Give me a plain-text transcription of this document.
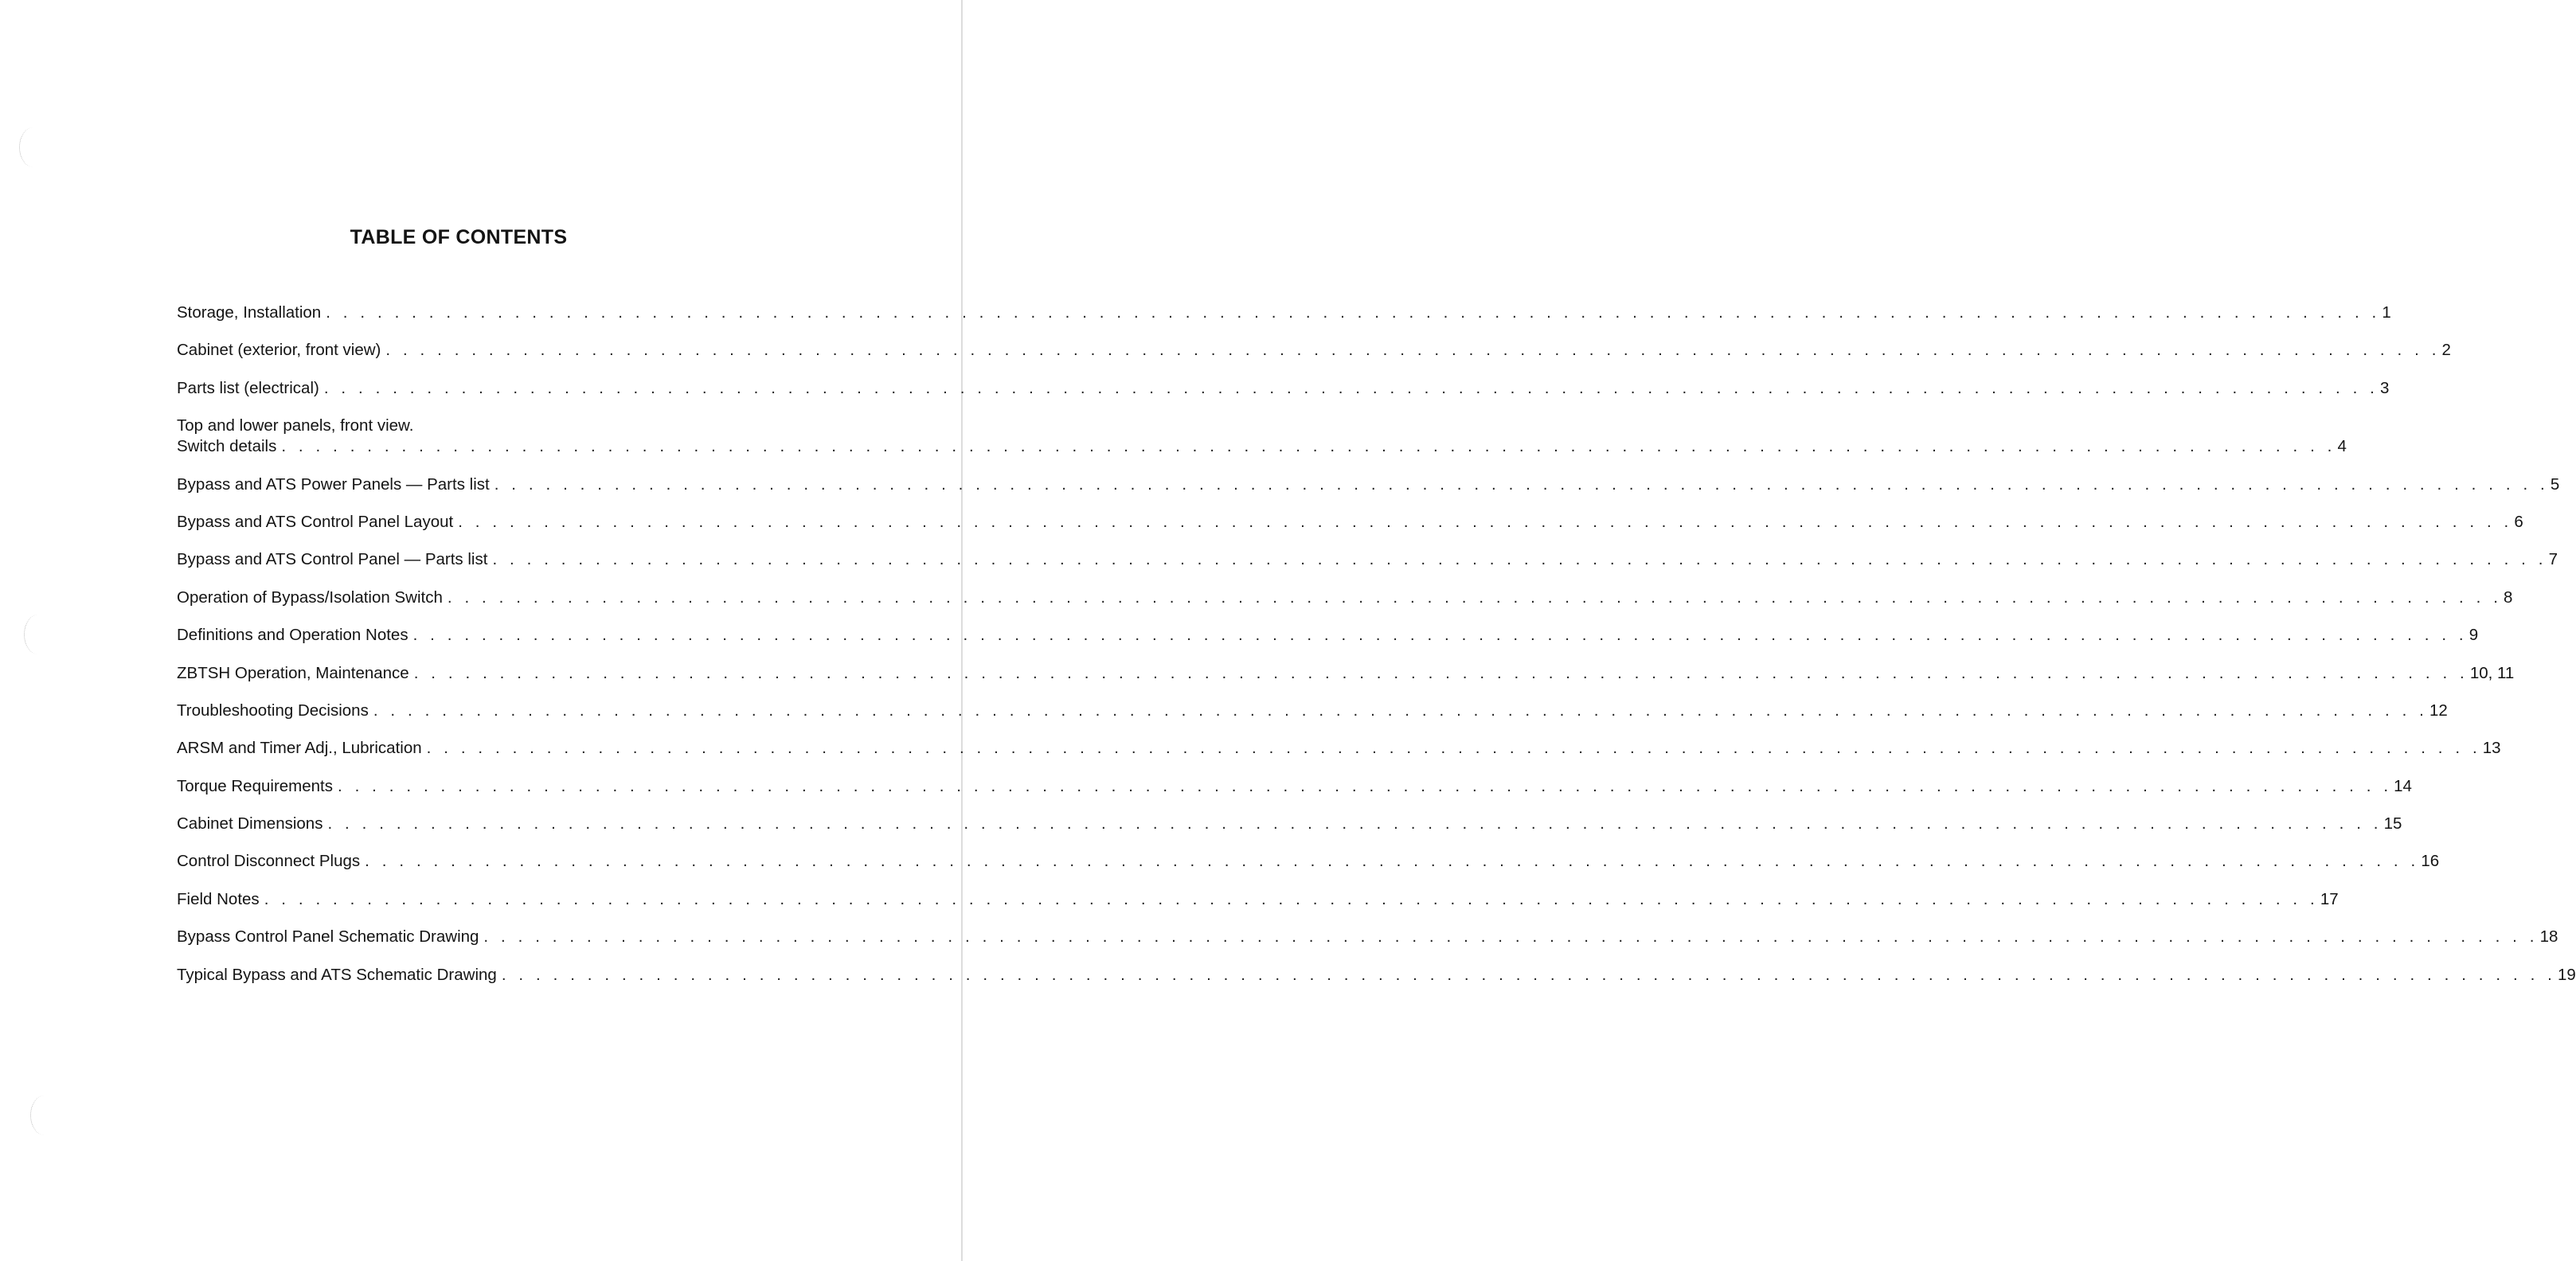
TABLE OF CONTENTS
Storage, Installation . . . . . . . . . . . . . . . . . . . . . . . . . . . . . . . . . . . . . . . . . . . . . . . . . . . . . . . . . . . . . . . . . . . . . . . . . . . . . . . . . . . . . . . . . . . . . . . . . . . . . . . . . . . . . . . . . . . . . . . . 1
Cabinet (exterior, front view) . . . . . . . . . . . . . . . . . . . . . . . . . . . . . . . . . . . . . . . . . . . . . . . . . . . . . . . . . . . . . . . . . . . . . . . . . . . . . . . . . . . . . . . . . . . . . . . . . . . . . . . . . . . . . . . . . . . . . . . . 2
Parts list (electrical) . . . . . . . . . . . . . . . . . . . . . . . . . . . . . . . . . . . . . . . . . . . . . . . . . . . . . . . . . . . . . . . . . . . . . . . . . . . . . . . . . . . . . . . . . . . . . . . . . . . . . . . . . . . . . . . . . . . . . . . . 3
Top and lower panels, front view.
Switch details . . . . . . . . . . . . . . . . . . . . . . . . . . . . . . . . . . . . . . . . . . . . . . . . . . . . . . . . . . . . . . . . . . . . . . . . . . . . . . . . . . . . . . . . . . . . . . . . . . . . . . . . . . . . . . . . . . . . . . . . 4
Bypass and ATS Power Panels — Parts list . . . . . . . . . . . . . . . . . . . . . . . . . . . . . . . . . . . . . . . . . . . . . . . . . . . . . . . . . . . . . . . . . . . . . . . . . . . . . . . . . . . . . . . . . . . . . . . . . . . . . . . . . . . . . . . . . . . . . . . . 5
Bypass and ATS Control Panel Layout . . . . . . . . . . . . . . . . . . . . . . . . . . . . . . . . . . . . . . . . . . . . . . . . . . . . . . . . . . . . . . . . . . . . . . . . . . . . . . . . . . . . . . . . . . . . . . . . . . . . . . . . . . . . . . . . . . . . . . . . 6
Bypass and ATS Control Panel — Parts list . . . . . . . . . . . . . . . . . . . . . . . . . . . . . . . . . . . . . . . . . . . . . . . . . . . . . . . . . . . . . . . . . . . . . . . . . . . . . . . . . . . . . . . . . . . . . . . . . . . . . . . . . . . . . . . . . . . . . . . . 7
Operation of Bypass/Isolation Switch . . . . . . . . . . . . . . . . . . . . . . . . . . . . . . . . . . . . . . . . . . . . . . . . . . . . . . . . . . . . . . . . . . . . . . . . . . . . . . . . . . . . . . . . . . . . . . . . . . . . . . . . . . . . . . . . . . . . . . . . 8
Definitions and Operation Notes . . . . . . . . . . . . . . . . . . . . . . . . . . . . . . . . . . . . . . . . . . . . . . . . . . . . . . . . . . . . . . . . . . . . . . . . . . . . . . . . . . . . . . . . . . . . . . . . . . . . . . . . . . . . . . . . . . . . . . . . 9
ZBTSH Operation, Maintenance . . . . . . . . . . . . . . . . . . . . . . . . . . . . . . . . . . . . . . . . . . . . . . . . . . . . . . . . . . . . . . . . . . . . . . . . . . . . . . . . . . . . . . . . . . . . . . . . . . . . . . . . . . . . . . . . . . . . . . . . 10, 11
Troubleshooting Decisions . . . . . . . . . . . . . . . . . . . . . . . . . . . . . . . . . . . . . . . . . . . . . . . . . . . . . . . . . . . . . . . . . . . . . . . . . . . . . . . . . . . . . . . . . . . . . . . . . . . . . . . . . . . . . . . . . . . . . . . . 12
ARSM and Timer Adj., Lubrication . . . . . . . . . . . . . . . . . . . . . . . . . . . . . . . . . . . . . . . . . . . . . . . . . . . . . . . . . . . . . . . . . . . . . . . . . . . . . . . . . . . . . . . . . . . . . . . . . . . . . . . . . . . . . . . . . . . . . . . . 13
Torque Requirements . . . . . . . . . . . . . . . . . . . . . . . . . . . . . . . . . . . . . . . . . . . . . . . . . . . . . . . . . . . . . . . . . . . . . . . . . . . . . . . . . . . . . . . . . . . . . . . . . . . . . . . . . . . . . . . . . . . . . . . . 14
Cabinet Dimensions . . . . . . . . . . . . . . . . . . . . . . . . . . . . . . . . . . . . . . . . . . . . . . . . . . . . . . . . . . . . . . . . . . . . . . . . . . . . . . . . . . . . . . . . . . . . . . . . . . . . . . . . . . . . . . . . . . . . . . . . 15
Control Disconnect Plugs . . . . . . . . . . . . . . . . . . . . . . . . . . . . . . . . . . . . . . . . . . . . . . . . . . . . . . . . . . . . . . . . . . . . . . . . . . . . . . . . . . . . . . . . . . . . . . . . . . . . . . . . . . . . . . . . . . . . . . . . 16
Field Notes . . . . . . . . . . . . . . . . . . . . . . . . . . . . . . . . . . . . . . . . . . . . . . . . . . . . . . . . . . . . . . . . . . . . . . . . . . . . . . . . . . . . . . . . . . . . . . . . . . . . . . . . . . . . . . . . . . . . . . . . 17
Bypass Control Panel Schematic Drawing . . . . . . . . . . . . . . . . . . . . . . . . . . . . . . . . . . . . . . . . . . . . . . . . . . . . . . . . . . . . . . . . . . . . . . . . . . . . . . . . . . . . . . . . . . . . . . . . . . . . . . . . . . . . . . . . . . . . . . . . 18
Typical Bypass and ATS Schematic Drawing . . . . . . . . . . . . . . . . . . . . . . . . . . . . . . . . . . . . . . . . . . . . . . . . . . . . . . . . . . . . . . . . . . . . . . . . . . . . . . . . . . . . . . . . . . . . . . . . . . . . . . . . . . . . . . . . . . . . . . . . 19
